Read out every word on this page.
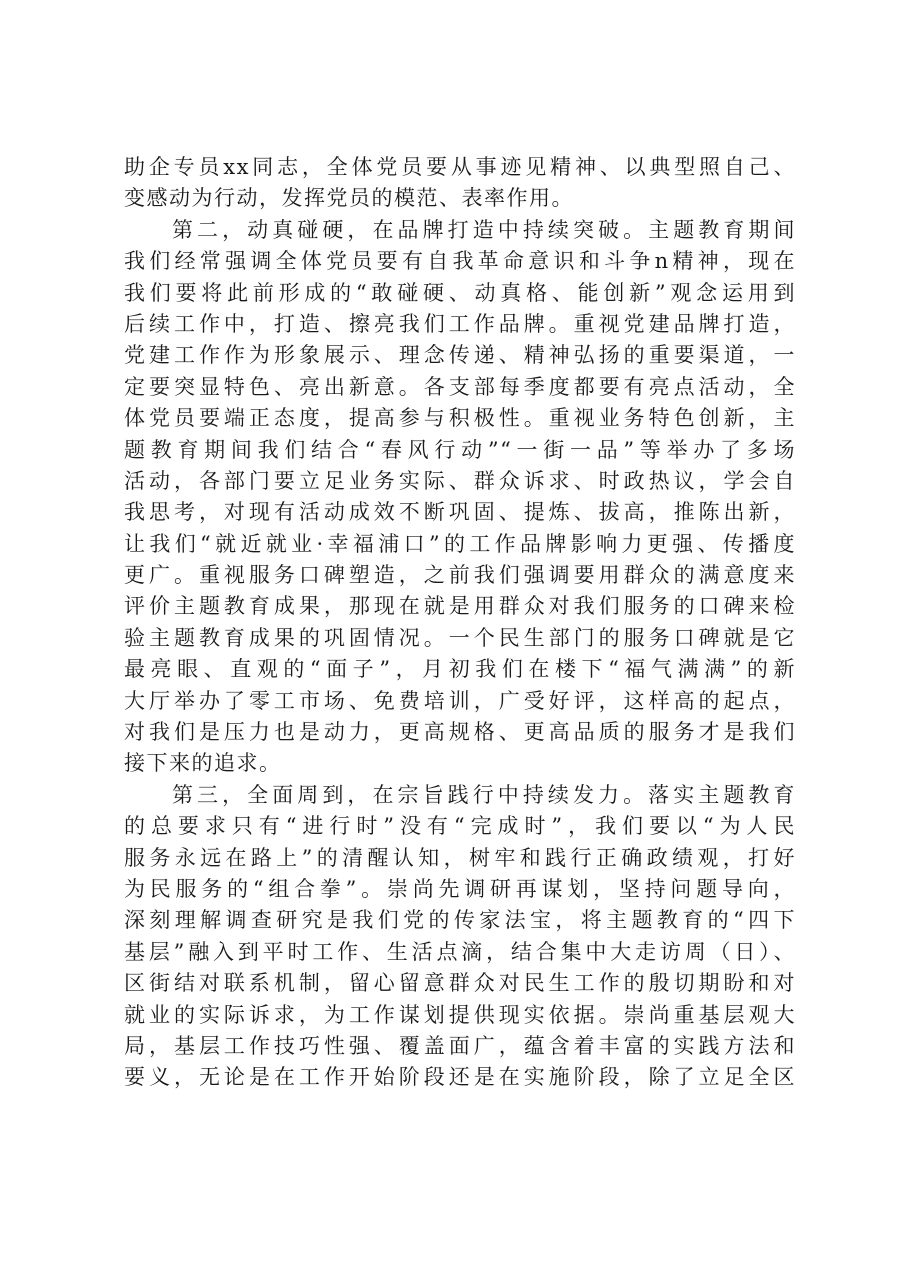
助企专员xx同志，全体党员要从事迹见精神、以典型照自己、
变感动为行动，发挥党员的模范、表率作用。
第二，动真碰硬，在品牌打造中持续突破。主题教育期间
我们经常强调全体党员要有自我革命意识和斗争n精神，现在
我们要将此前形成的“敢碰硬、动真格、能创新”观念运用到
后续工作中，打造、擦亮我们工作品牌。重视党建品牌打造，
党建工作作为形象展示、理念传递、精神弘扬的重要渠道，一
定要突显特色、亮出新意。各支部每季度都要有亮点活动，全
体党员要端正态度，提高参与积极性。重视业务特色创新，主
题教育期间我们结合“春风行动”“一街一品”等举办了多场
活动，各部门要立足业务实际、群众诉求、时政热议，学会自
我思考，对现有活动成效不断巩固、提炼、拔高，推陈出新，
让我们“就近就业·幸福浦口”的工作品牌影响力更强、传播度
更广。重视服务口碑塑造，之前我们强调要用群众的满意度来
评价主题教育成果，那现在就是用群众对我们服务的口碑来检
验主题教育成果的巩固情况。一个民生部门的服务口碑就是它
最亮眼、直观的“面子”，月初我们在楼下“福气满满”的新
大厅举办了零工市场、免费培训，广受好评，这样高的起点，
对我们是压力也是动力，更高规格、更高品质的服务才是我们
接下来的追求。
第三，全面周到，在宗旨践行中持续发力。落实主题教育
的总要求只有“进行时”没有“完成时”，我们要以“为人民
服务永远在路上”的清醒认知，树牢和践行正确政绩观，打好
为民服务的“组合拳”。崇尚先调研再谋划，坚持问题导向，
深刻理解调查研究是我们党的传家法宝，将主题教育的“四下
基层”融入到平时工作、生活点滴，结合集中大走访周（日）、
区街结对联系机制，留心留意群众对民生工作的殷切期盼和对
就业的实际诉求，为工作谋划提供现实依据。崇尚重基层观大
局，基层工作技巧性强、覆盖面广，蕴含着丰富的实践方法和
要义，无论是在工作开始阶段还是在实施阶段，除了立足全区
